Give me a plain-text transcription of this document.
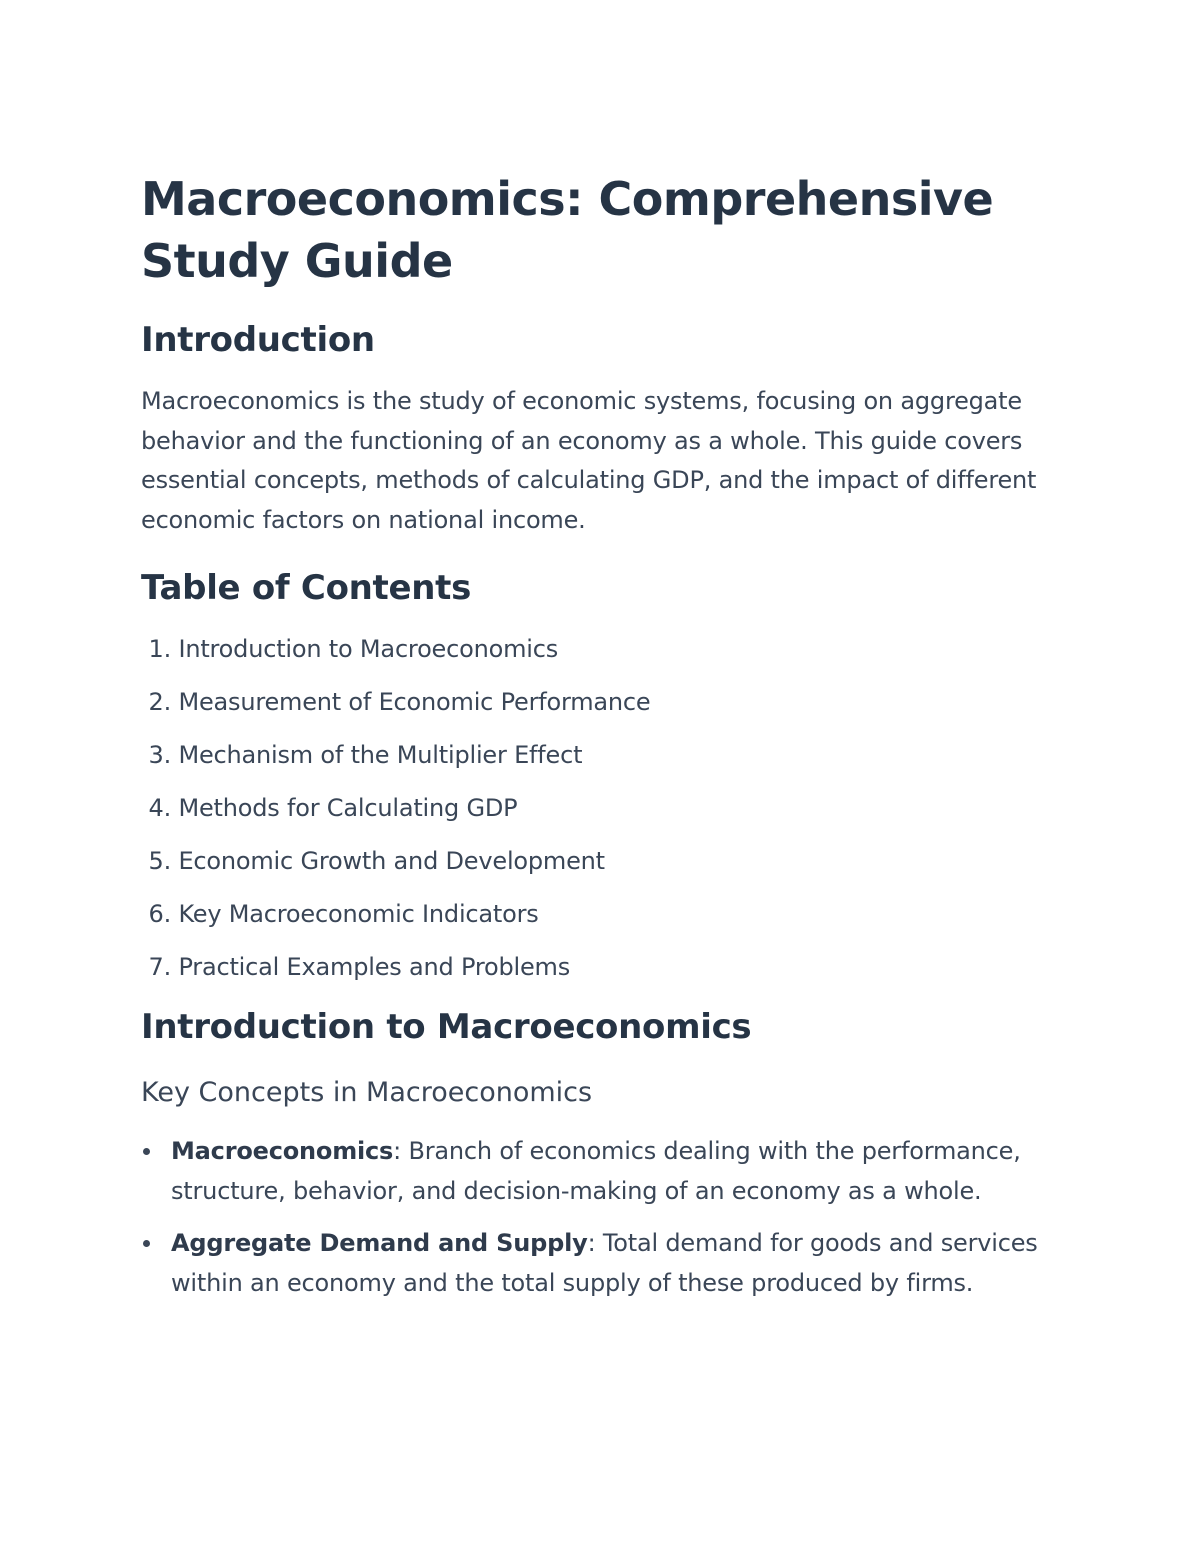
Macroeconomics: Comprehensive
Study Guide
Introduction

Macroeconomics is the study of economic systems, focusing on aggregate behavior and the functioning of an economy as a whole. This guide covers essential concepts, methods of calculating GDP, and the impact of different economic factors on national income.

Table of Contents
1. Introduction to Macroeconomics
2. Measurement of Economic Performance
3. Mechanism of the Multiplier Effect
4. Methods for Calculating GDP
5. Economic Growth and Development
6. Key Macroeconomic Indicators
7. Practical Examples and Problems
Introduction to Macroeconomics
Key Concepts in Macroeconomics
Macroeconomics: Branch of economics dealing with the performance, structure, behavior, and decision-making of an economy as a whole.
Aggregate Demand and Supply: Total demand for goods and services within an economy and the total supply of these produced by firms.
